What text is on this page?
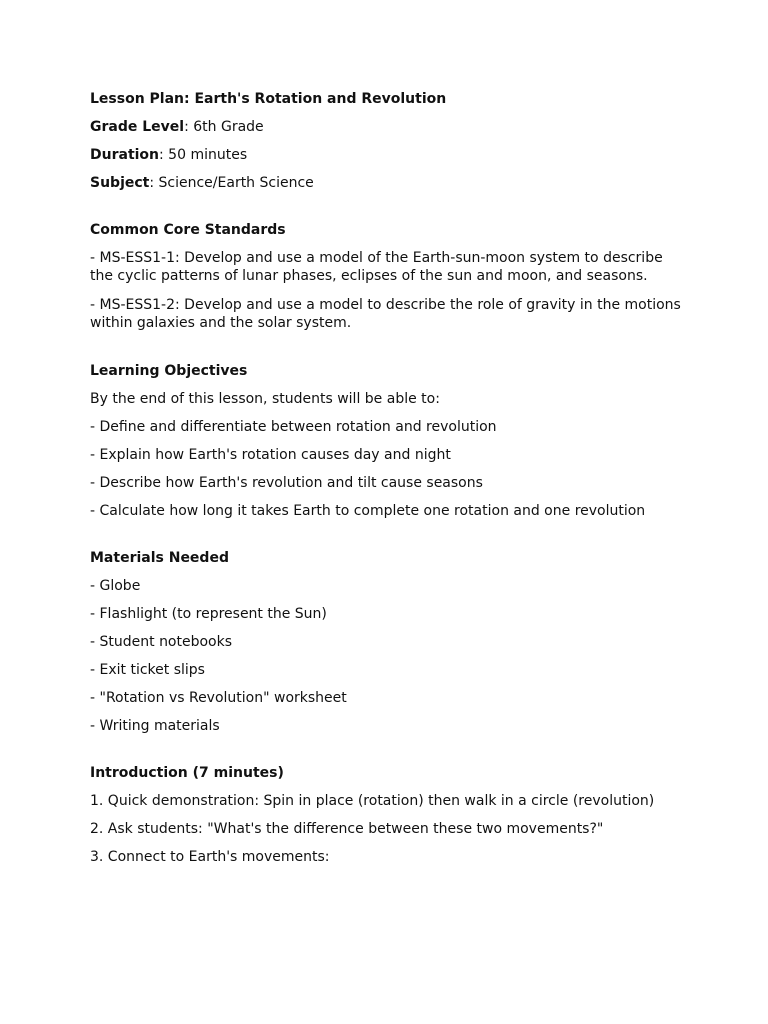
Lesson Plan: Earth's Rotation and Revolution
Grade Level: 6th Grade
Duration: 50 minutes
Subject: Science/Earth Science
Common Core Standards
- MS-ESS1-1: Develop and use a model of the Earth-sun-moon system to describe the cyclic patterns of lunar phases, eclipses of the sun and moon, and seasons.
- MS-ESS1-2: Develop and use a model to describe the role of gravity in the motions within galaxies and the solar system.
Learning Objectives
By the end of this lesson, students will be able to:
- Define and differentiate between rotation and revolution
- Explain how Earth's rotation causes day and night
- Describe how Earth's revolution and tilt cause seasons
- Calculate how long it takes Earth to complete one rotation and one revolution
Materials Needed
- Globe
- Flashlight (to represent the Sun)
- Student notebooks
- Exit ticket slips
- "Rotation vs Revolution" worksheet
- Writing materials
Introduction (7 minutes)
1. Quick demonstration: Spin in place (rotation) then walk in a circle (revolution)
2. Ask students: "What's the difference between these two movements?"
3. Connect to Earth's movements:
